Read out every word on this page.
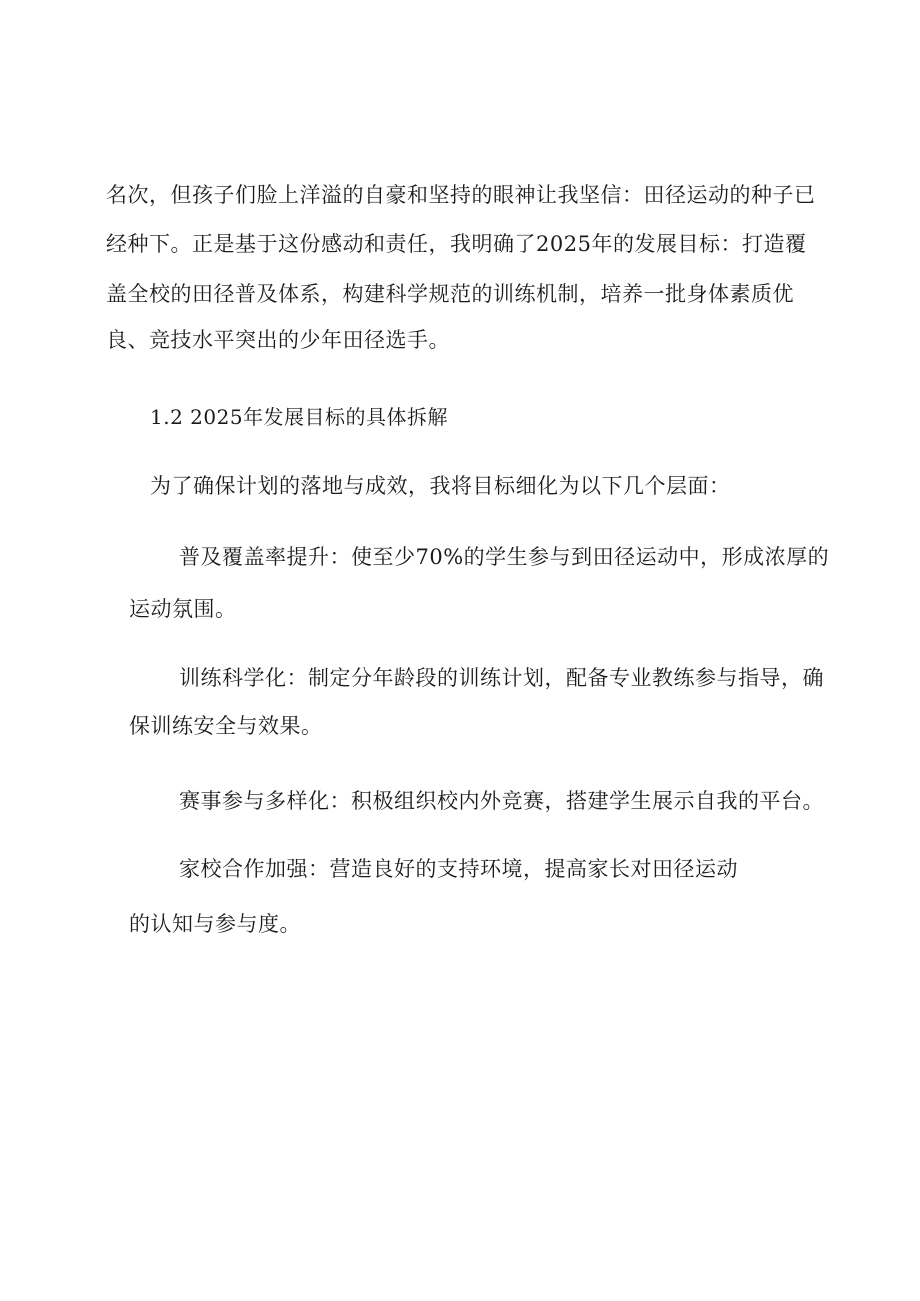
名次，但孩子们脸上洋溢的自豪和坚持的眼神让我坚信：田径运动的种子已
经种下。正是基于这份感动和责任，我明确了2025年的发展目标：打造覆
盖全校的田径普及体系，构建科学规范的训练机制，培养一批身体素质优
良、竞技水平突出的少年田径选手。
1.2 2025年发展目标的具体拆解
为了确保计划的落地与成效，我将目标细化为以下几个层面：
普及覆盖率提升：使至少70%的学生参与到田径运动中，形成浓厚的
运动氛围。
训练科学化：制定分年龄段的训练计划，配备专业教练参与指导，确
保训练安全与效果。
赛事参与多样化：积极组织校内外竞赛，搭建学生展示自我的平台。
家校合作加强：营造良好的支持环境，提高家长对田径运动
的认知与参与度。
